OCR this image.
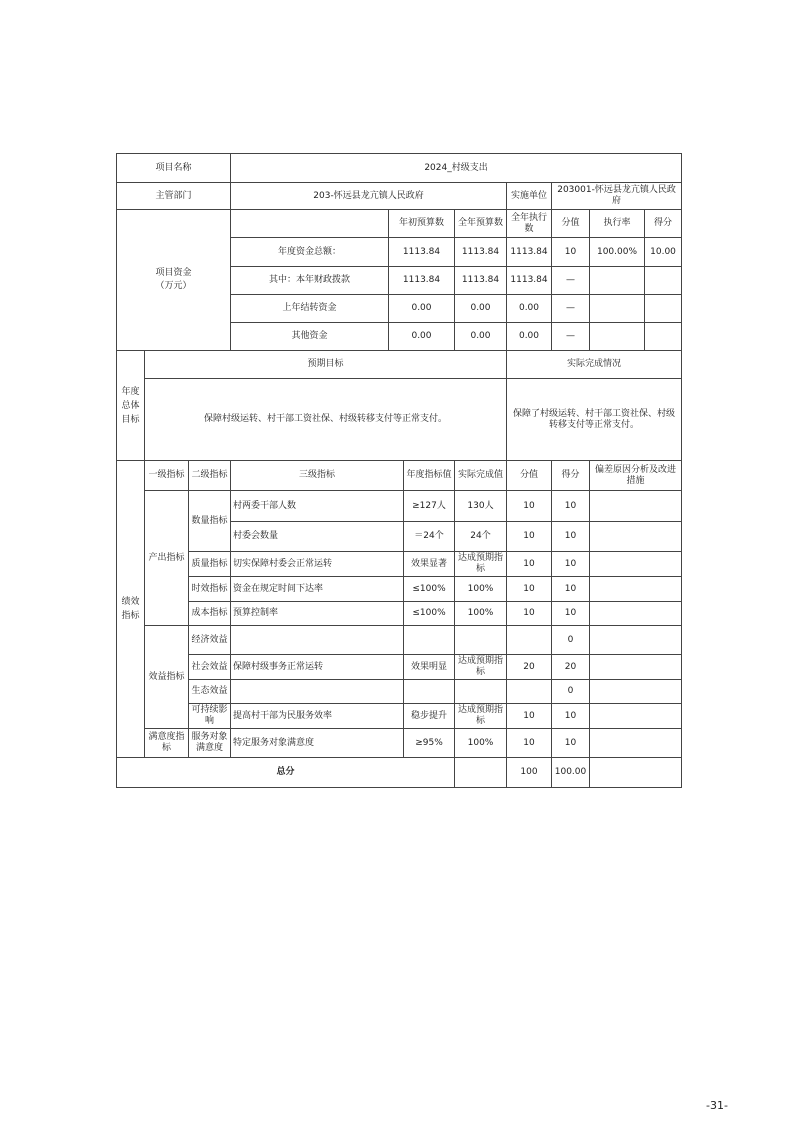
项目名称			2024_村级支出							
主管部门			203-怀远县龙亢镇人民政府				实施单位	203001-怀远县龙亢镇人民政府		
项目资金
（万元）				年初预算数		全年预算数	全年执行数	分值	执行率	得分
			年度资金总额：	1113.84		1113.84	1113.84	10	100.00%	10.00
			其中：本年财政拨款	1113.84		1113.84	1113.84	—		
			上年结转资金	0.00		0.00	0.00	—		
			其他资金	0.00		0.00	0.00	—		
年度总体目标	预期目标						实际完成情况			
	保障村级运转、村干部工资社保、村级转移支付等正常支付。						保障了村级运转、村干部工资社保、村级转移支付等正常支付。			
绩效指标	一级指标	二级指标	三级指标		年度指标值	实际完成值	分值	得分	偏差原因分析及改进措施	
	产出指标	数量指标	村两委干部人数		≥127人	130人	10	10		
			村委会数量		＝24个	24个	10	10		
		质量指标	切实保障村委会正常运转		效果显著	达成预期指标	10	10		
		时效指标	资金在规定时间下达率		≤100%	100%	10	10		
		成本指标	预算控制率		≤100%	100%	10	10		
	效益指标	经济效益						0		
		社会效益	保障村级事务正常运转		效果明显	达成预期指标	20	20		
		生态效益						0		
		可持续影响	提高村干部为民服务效率		稳步提升	达成预期指标	10	10		
	满意度指标	服务对象满意度	特定服务对象满意度		≥95%	100%	10	10		
总分							100	100.00		
-31-
